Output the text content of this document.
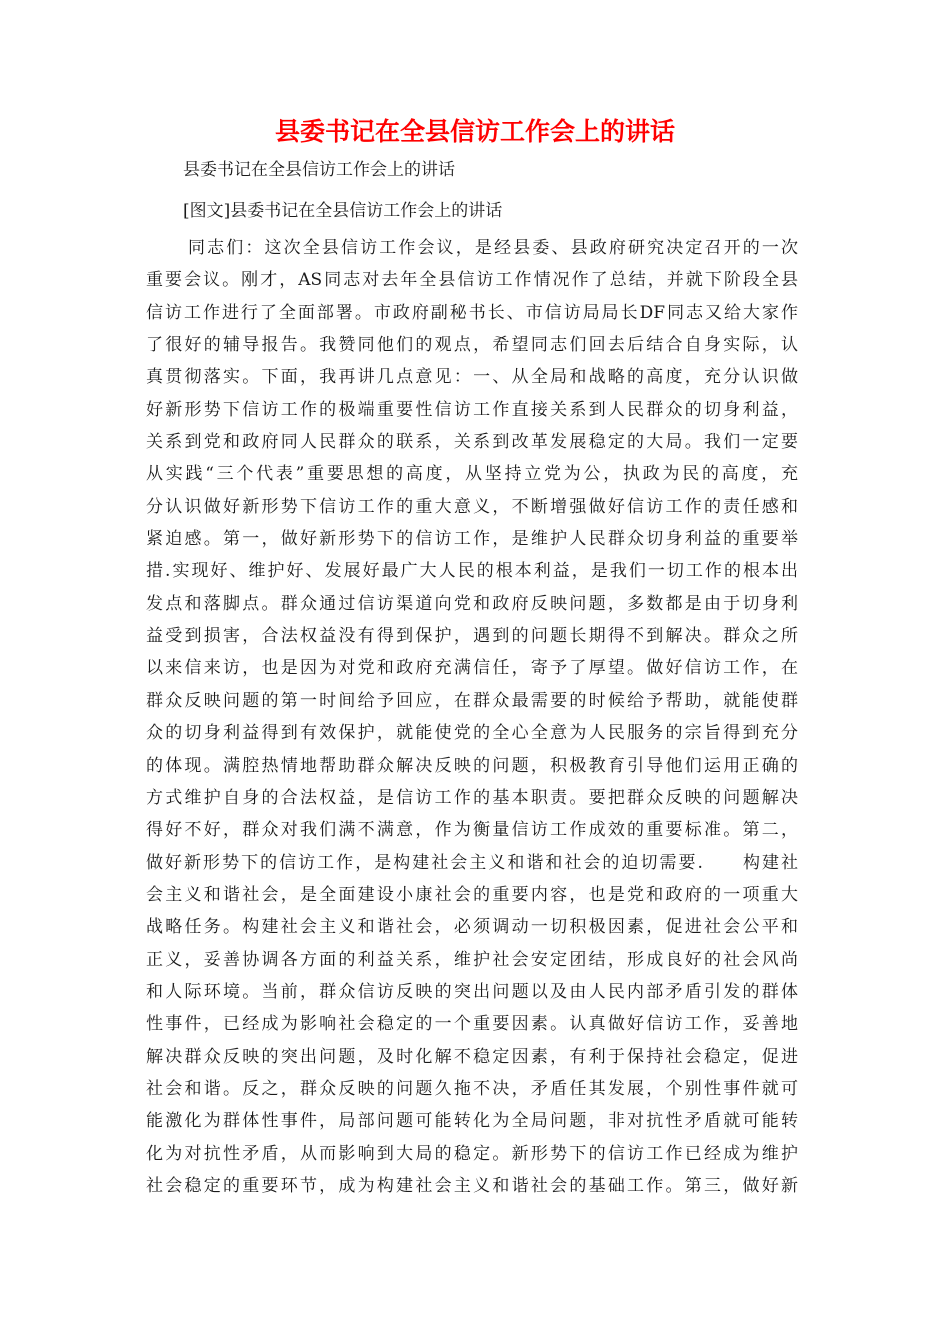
县委书记在全县信访工作会上的讲话
县委书记在全县信访工作会上的讲话
[图文]县委书记在全县信访工作会上的讲话
同志们：这次全县信访工作会议，是经县委、县政府研究决定召开的一次
重要会议。刚才，AS同志对去年全县信访工作情况作了总结，并就下阶段全县
信访工作进行了全面部署。市政府副秘书长、市信访局局长DF同志又给大家作
了很好的辅导报告。我赞同他们的观点，希望同志们回去后结合自身实际，认
真贯彻落实。下面，我再讲几点意见：一、从全局和战略的高度，充分认识做
好新形势下信访工作的极端重要性信访工作直接关系到人民群众的切身利益，
关系到党和政府同人民群众的联系，关系到改革发展稳定的大局。我们一定要
从实践“三个代表”重要思想的高度，从坚持立党为公，执政为民的高度，充
分认识做好新形势下信访工作的重大意义，不断增强做好信访工作的责任感和
紧迫感。第一，做好新形势下的信访工作，是维护人民群众切身利益的重要举
措.实现好、维护好、发展好最广大人民的根本利益，是我们一切工作的根本出
发点和落脚点。群众通过信访渠道向党和政府反映问题，多数都是由于切身利
益受到损害，合法权益没有得到保护，遇到的问题长期得不到解决。群众之所
以来信来访，也是因为对党和政府充满信任，寄予了厚望。做好信访工作，在
群众反映问题的第一时间给予回应，在群众最需要的时候给予帮助，就能使群
众的切身利益得到有效保护，就能使党的全心全意为人民服务的宗旨得到充分
的体现。满腔热情地帮助群众解决反映的问题，积极教育引导他们运用正确的
方式维护自身的合法权益，是信访工作的基本职责。要把群众反映的问题解决
得好不好，群众对我们满不满意，作为衡量信访工作成效的重要标准。第二，
做好新形势下的信访工作，是构建社会主义和谐和社会的迫切需要.　　构建社
会主义和谐社会，是全面建设小康社会的重要内容，也是党和政府的一项重大
战略任务。构建社会主义和谐社会，必须调动一切积极因素，促进社会公平和
正义，妥善协调各方面的利益关系，维护社会安定团结，形成良好的社会风尚
和人际环境。当前，群众信访反映的突出问题以及由人民内部矛盾引发的群体
性事件，已经成为影响社会稳定的一个重要因素。认真做好信访工作，妥善地
解决群众反映的突出问题，及时化解不稳定因素，有利于保持社会稳定，促进
社会和谐。反之，群众反映的问题久拖不决，矛盾任其发展，个别性事件就可
能激化为群体性事件，局部问题可能转化为全局问题，非对抗性矛盾就可能转
化为对抗性矛盾，从而影响到大局的稳定。新形势下的信访工作已经成为维护
社会稳定的重要环节，成为构建社会主义和谐社会的基础工作。第三，做好新
